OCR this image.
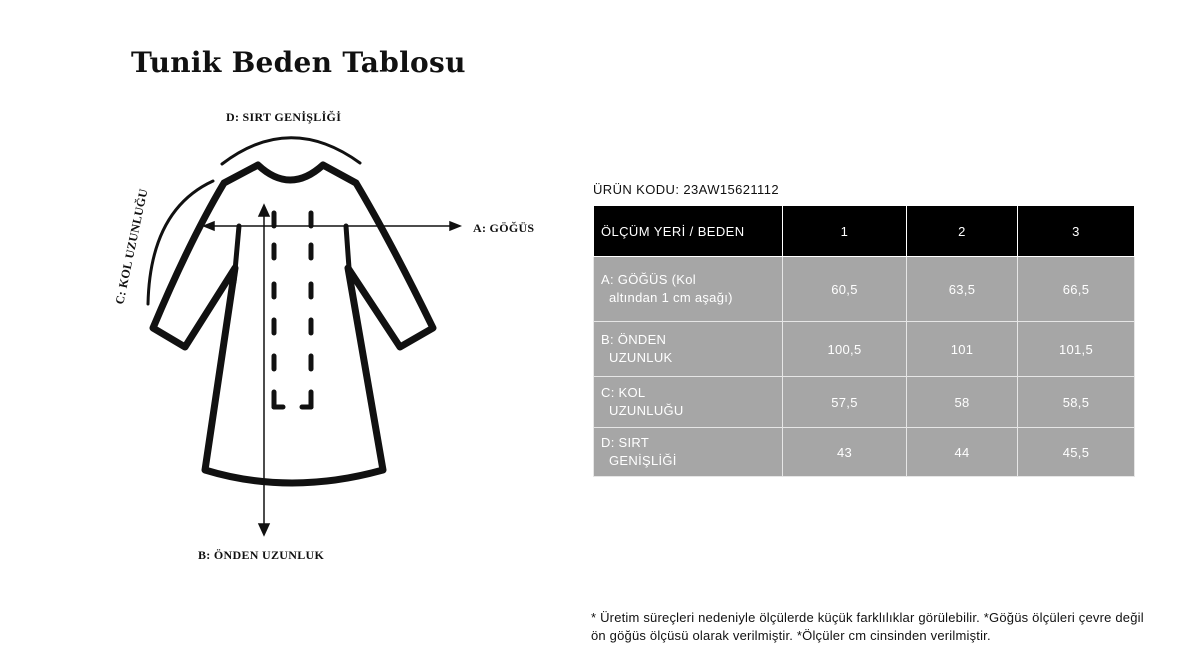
Tunik Beden Tablosu
D: SIRT GENİŞLİĞİ
A: GÖĞÜS
B: ÖNDEN UZUNLUK
C: KOL UZUNLUĞU	ÜRÜN KODU: 23AW15621112
ÖLÇÜM YERİ / BEDEN	1	2	3
A: GÖĞÜS (Kol
altından 1 cm aşağı)	60,5	63,5	66,5
B: ÖNDEN
UZUNLUK	100,5	101	101,5
C: KOL
UZUNLUĞU	57,5	58	58,5
D: SIRT
GENİŞLİĞİ	43	44	45,5
* Üretim süreçleri nedeniyle ölçülerde küçük farklılıklar görülebilir. *Göğüs ölçüleri çevre değil ön göğüs ölçüsü olarak verilmiştir. *Ölçüler cm cinsinden verilmiştir.
